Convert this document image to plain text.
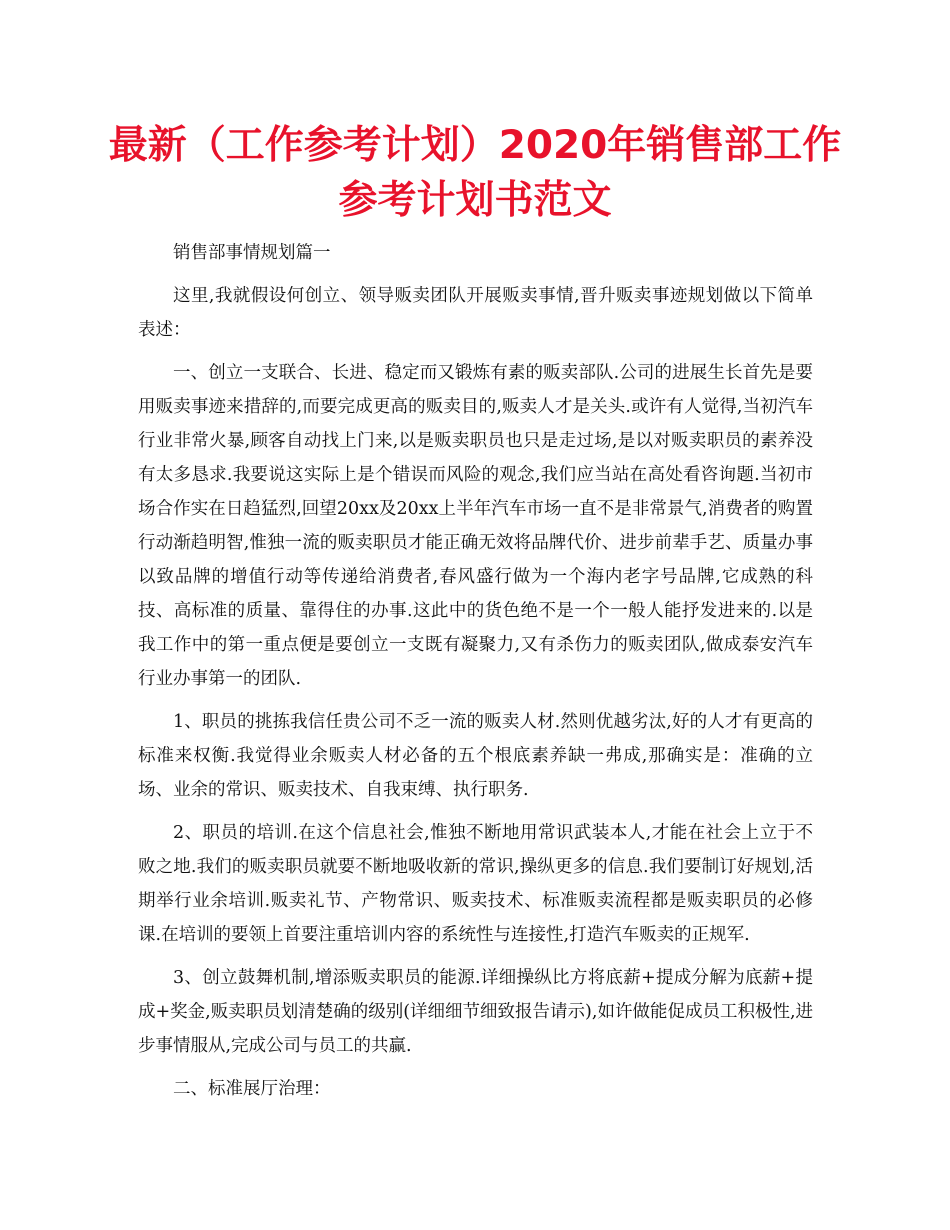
最新（工作参考计划）2020年销售部工作
参考计划书范文

销售部事情规划篇一

这里,我就假设何创立、领导贩卖团队开展贩卖事情,晋升贩卖事迹规划做以下简单表述：

一、创立一支联合、长进、稳定而又锻炼有素的贩卖部队.公司的进展生长首先是要用贩卖事迹来措辞的,而要完成更高的贩卖目的,贩卖人才是关头.或许有人觉得,当初汽车行业非常火暴,顾客自动找上门来,以是贩卖职员也只是走过场,是以对贩卖职员的素养没有太多恳求.我要说这实际上是个错误而风险的观念,我们应当站在高处看咨询题.当初市场合作实在日趋猛烈,回望20xx及20xx上半年汽车市场一直不是非常景气,消费者的购置行动渐趋明智,惟独一流的贩卖职员才能正确无效将品牌代价、进步前辈手艺、质量办事以致品牌的增值行动等传递给消费者,春风盛行做为一个海内老字号品牌,它成熟的科技、高标准的质量、靠得住的办事.这此中的货色绝不是一个一般人能抒发进来的.以是我工作中的第一重点便是要创立一支既有凝聚力,又有杀伤力的贩卖团队,做成泰安汽车行业办事第一的团队.

1、职员的挑拣我信任贵公司不乏一流的贩卖人材.然则优越劣汰,好的人才有更高的标准来权衡.我觉得业余贩卖人材必备的五个根底素养缺一弗成,那确实是：准确的立场、业余的常识、贩卖技术、自我束缚、执行职务.

2、职员的培训.在这个信息社会,惟独不断地用常识武装本人,才能在社会上立于不败之地.我们的贩卖职员就要不断地吸收新的常识,操纵更多的信息.我们要制订好规划,活期举行业余培训.贩卖礼节、产物常识、贩卖技术、标准贩卖流程都是贩卖职员的必修课.在培训的要领上首要注重培训内容的系统性与连接性,打造汽车贩卖的正规军.

3、创立鼓舞机制,增添贩卖职员的能源.详细操纵比方将底薪+提成分解为底薪+提成+奖金,贩卖职员划清楚确的级别(详细细节细致报告请示),如许做能促成员工积极性,进步事情服从,完成公司与员工的共赢.

二、标准展厅治理：
